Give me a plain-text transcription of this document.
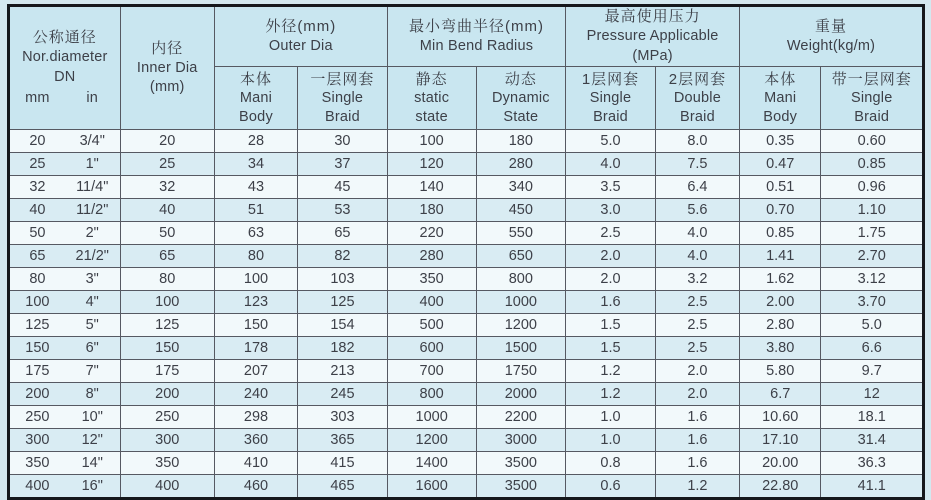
公称通径
Nor.diameter
DN
mm	in

内径
Inner Dia
(mm)

外径(mm)
Outer Dia

最小弯曲半径(mm)
Min Bend Radius

最高使用压力
Pressure Applicable
(MPa)

重量
Weight(kg/m)

本体
Mani
Body

一层网套
Single
Braid

静态
static
state

动态
Dynamic
State

1层网套
Single
Braid

2层网套
Double
Braid

本体
Mani
Body

带一层网套
Single
Braid

20 3/4"	20	28	30	100	180	5.0	8.0	0.35	0.60

25 1"	25	34	37	120	280	4.0	7.5	0.47	0.85

32 11/4"	32	43	45	140	340	3.5	6.4	0.51	0.96

40 11/2"	40	51	53	180	450	3.0	5.6	0.70	1.10

50 2"	50	63	65	220	550	2.5	4.0	0.85	1.75

65 21/2"	65	80	82	280	650	2.0	4.0	1.41	2.70

80 3"	80	100	103	350	800	2.0	3.2	1.62	3.12

100 4"	100	123	125	400	1000	1.6	2.5	2.00	3.70

125 5"	125	150	154	500	1200	1.5	2.5	2.80	5.0

150 6"	150	178	182	600	1500	1.5	2.5	3.80	6.6

175 7"	175	207	213	700	1750	1.2	2.0	5.80	9.7

200 8"	200	240	245	800	2000	1.2	2.0	6.7	12

250 10"	250	298	303	1000	2200	1.0	1.6	10.60	18.1

300 12"	300	360	365	1200	3000	1.0	1.6	17.10	31.4

350 14"	350	410	415	1400	3500	0.8	1.6	20.00	36.3

400 16"	400	460	465	1600	3500	0.6	1.2	22.80	41.1
